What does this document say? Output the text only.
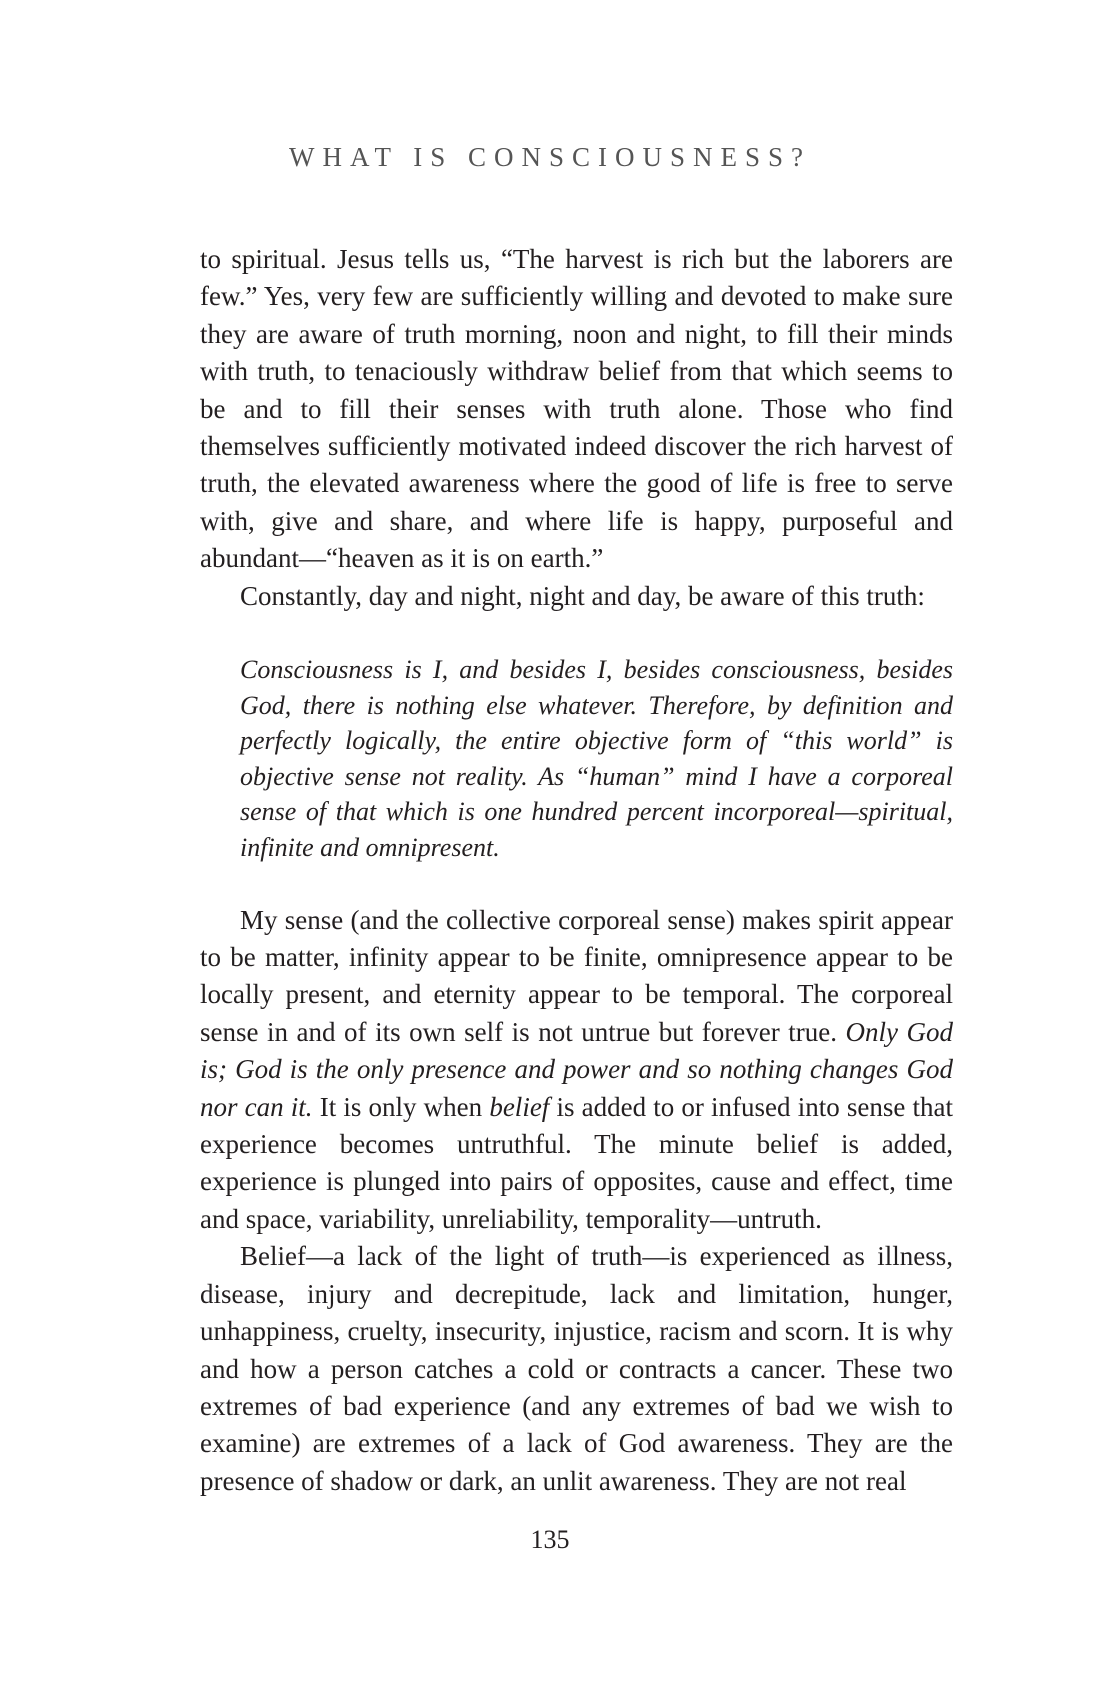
WHAT IS CONSCIOUSNESS?

to spiritual. Jesus tells us, “The harvest is rich but the laborers are few.” Yes, very few are sufficiently willing and devoted to make sure they are aware of truth morning, noon and night, to fill their minds with truth, to tenaciously withdraw belief from that which seems to be and to fill their senses with truth alone. Those who find themselves sufficiently motivated indeed discover the rich harvest of truth, the elevated awareness where the good of life is free to serve with, give and share, and where life is happy, purposeful and abundant—“heaven as it is on earth.”

Constantly, day and night, night and day, be aware of this truth:

Consciousness is I, and besides I, besides consciousness, besides God, there is nothing else whatever. Therefore, by definition and perfectly logically, the entire objective form of “this world” is objective sense not reality. As “human” mind I have a corporeal sense of that which is one hundred percent incorporeal—spiritual, infinite and omnipresent.

My sense (and the collective corporeal sense) makes spirit appear to be matter, infinity appear to be finite, omnipresence appear to be locally present, and eternity appear to be temporal. The corporeal sense in and of its own self is not untrue but forever true. Only God is; God is the only presence and power and so nothing changes God nor can it. It is only when belief is added to or infused into sense that experience becomes untruthful. The minute belief is added, experience is plunged into pairs of opposites, cause and effect, time and space, variability, unreliability, temporality—untruth.

Belief—a lack of the light of truth—is experienced as illness, disease, injury and decrepitude, lack and limitation, hunger, unhappiness, cruelty, insecurity, injustice, racism and scorn. It is why and how a person catches a cold or contracts a cancer. These two extremes of bad experience (and any extremes of bad we wish to examine) are extremes of a lack of God awareness. They are the presence of shadow or dark, an unlit awareness. They are not real

135
